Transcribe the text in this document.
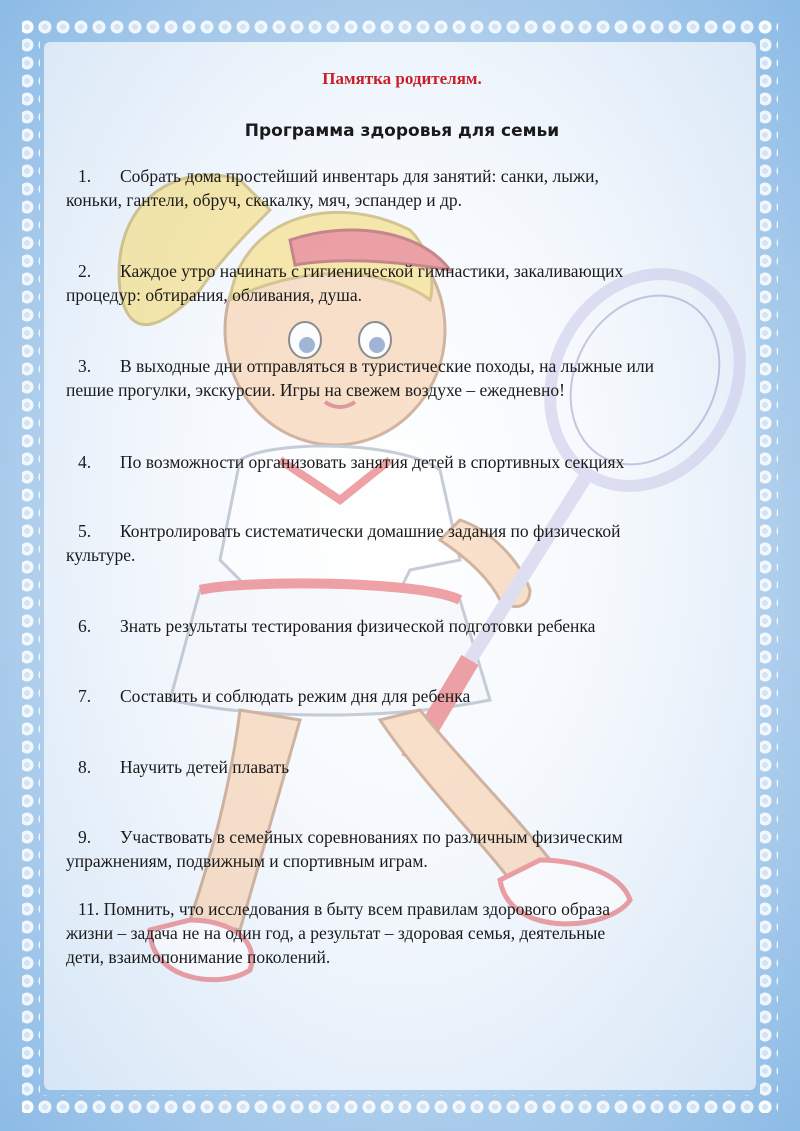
Памятка родителям.
Программа здоровья для семьи
1. Собрать дома простейший инвентарь для занятий: санки, лыжи,
коньки, гантели, обруч, скакалку, мяч, эспандер и др.
2. Каждое утро начинать с гигиенической гимнастики, закаливающих
процедур: обтирания, обливания, душа.
3. В выходные дни отправляться в туристические походы, на лыжные или
пешие прогулки, экскурсии. Игры на свежем воздухе – ежедневно!
4. По возможности организовать занятия детей в спортивных секциях
5. Контролировать систематически домашние задания по физической
культуре.
6. Знать результаты тестирования физической подготовки ребенка
7. Составить и соблюдать режим дня для ребенка
8. Научить детей плавать
9. Участвовать в семейных соревнованиях по различным физическим
упражнениям, подвижным и спортивным играм.
11. Помнить, что исследования в быту всем правилам здорового образа
жизни – задача не на один год, а результат – здоровая семья, деятельные
дети, взаимопонимание поколений.
